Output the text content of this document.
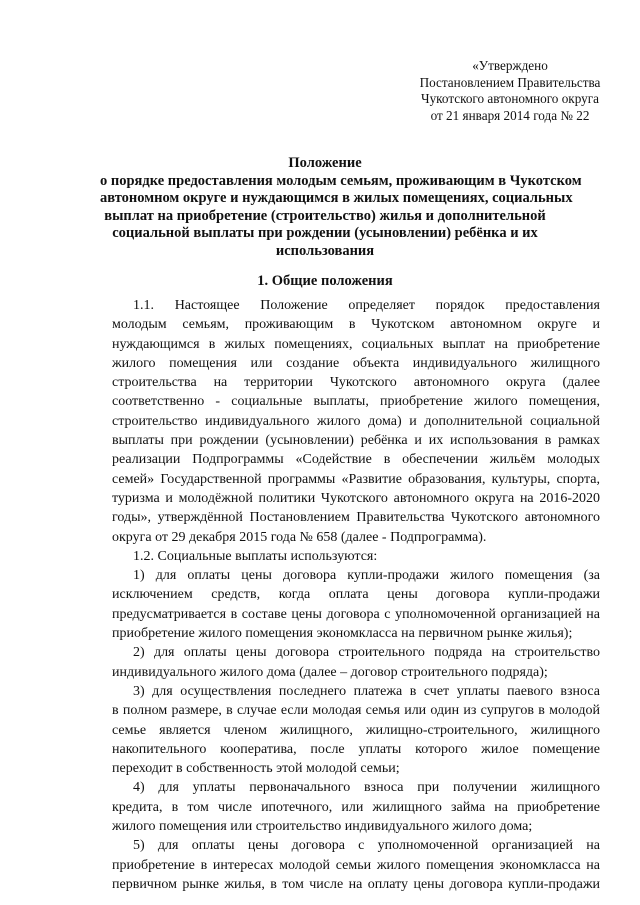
«Утверждено
Постановлением Правительства
Чукотского автономного округа
от 21 января 2014 года № 22
Положение
о порядке предоставления молодым семьям, проживающим в Чукотском
автономном округе и нуждающимся в жилых помещениях, социальных
выплат на приобретение (строительство) жилья и дополнительной
социальной выплаты при рождении (усыновлении) ребёнка и их
использования
1. Общие положения
1.1. Настоящее Положение определяет порядок предоставления
молодым семьям, проживающим в Чукотском автономном округе и
нуждающимся в жилых помещениях, социальных выплат на приобретение
жилого помещения или создание объекта индивидуального жилищного
строительства на территории Чукотского автономного округа (далее
соответственно - социальные выплаты, приобретение жилого помещения,
строительство индивидуального жилого дома) и дополнительной социальной
выплаты при рождении (усыновлении) ребёнка и их использования в рамках
реализации Подпрограммы «Содействие в обеспечении жильём молодых
семей» Государственной программы «Развитие образования, культуры, спорта,
туризма и молодёжной политики Чукотского автономного округа на 2016-2020
годы», утверждённой Постановлением Правительства Чукотского автономного
округа от 29 декабря 2015 года № 658 (далее - Подпрограмма).
1.2. Социальные выплаты используются:
1) для оплаты цены договора купли-продажи жилого помещения (за
исключением средств, когда оплата цены договора купли-продажи
предусматривается в составе цены договора с уполномоченной организацией на
приобретение жилого помещения экономкласса на первичном рынке жилья);
2) для оплаты цены договора строительного подряда на строительство
индивидуального жилого дома (далее – договор строительного подряда);
3) для осуществления последнего платежа в счет уплаты паевого взноса
в полном размере, в случае если молодая семья или один из супругов в молодой
семье является членом жилищного, жилищно-строительного, жилищного
накопительного кооператива, после уплаты которого жилое помещение
переходит в собственность этой молодой семьи;
4) для уплаты первоначального взноса при получении жилищного
кредита, в том числе ипотечного, или жилищного займа на приобретение
жилого помещения или строительство индивидуального жилого дома;
5) для оплаты цены договора с уполномоченной организацией на
приобретение в интересах молодой семьи жилого помещения экономкласса на
первичном рынке жилья, в том числе на оплату цены договора купли-продажи
